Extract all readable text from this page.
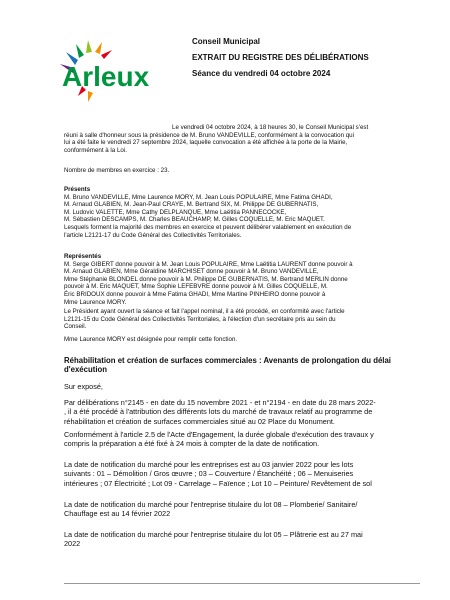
Arleux
Conseil Municipal
EXTRAIT DU REGISTRE DES DÉLIBÉRATIONS
Séance du vendredi 04 octobre 2024
Le vendredi 04 octobre 2024, à 18 heures 30, le Conseil Municipal s'est
réuni à salle d'honneur sous la présidence de M. Bruno VANDEVILLE, conformément à la convocation qui
lui a été faite le vendredi 27 septembre 2024, laquelle convocation a été affichée à la porte de la Mairie,
conformément à la Loi.
Nombre de membres en exercice : 23.
Présents
M. Bruno VANDEVILLE, Mme Laurence MORY, M. Jean Louis POPULAIRE, Mme Fatima GHADI,
M. Arnaud GLABIEN, M. Jean-Paul CRAYE, M. Bertrand SIX, M. Philippe DE GUBERNATIS,
M. Ludovic VALETTE, Mme Cathy DELPLANQUE, Mme Laëtitia PANNECOCKE,
M. Sébastien DESCAMPS, M. Charles BEAUCHAMP, M. Gilles COQUELLE, M. Eric MAQUET.
Lesquels forment la majorité des membres en exercice et peuvent délibérer valablement en exécution de
l'article L2121-17 du Code Général des Collectivités Territoriales.
Représentés
M. Serge GIBERT donne pouvoir à M. Jean Louis POPULAIRE, Mme Laëtitia LAURENT donne pouvoir à
M. Arnaud GLABIEN, Mme Géraldine MARCHISET donne pouvoir à M. Bruno VANDEVILLE,
Mme Stéphanie BLONDEL donne pouvoir à M. Philippe DE GUBERNATIS, M. Bertrand MERLIN donne
pouvoir à M. Eric MAQUET, Mme Sophie LEFEBVRE donne pouvoir à M. Gilles COQUELLE, M.
Éric BRIDOUX donne pouvoir à Mme Fatima GHADI, Mme Martine PINHEIRO donne pouvoir à
Mme Laurence MORY.
Le Président ayant ouvert la séance et fait l'appel nominal, il a été procédé, en conformité avec l'article
L2121-15 du Code Général des Collectivités Territoriales, à l'élection d'un secrétaire pris au sein du
Conseil.
Mme Laurence MORY est désignée pour remplir cette fonction.
Réhabilitation et création de surfaces commerciales : Avenants de prolongation du délai
d'exécution
Sur exposé,
Par délibérations n°2145 - en date du 15 novembre 2021 - et n°2194 - en date du 28 mars 2022-
, il a été procédé à l'attribution des différents lots du marché de travaux relatif au programme de
réhabilitation et création de surfaces commerciales situé au 02 Place du Monument.
Conformément à l'article 2.5 de l'Acte d'Engagement, la durée globale d'exécution des travaux y
compris la préparation a été fixé à 24 mois à compter de la date de notification.
La date de notification du marché pour les entreprises est au 03 janvier 2022 pour les lots
suivants : 01 – Démolition / Gros œuvre ; 03 – Couverture / Étanchéité ; 06 – Menuiseries
intérieures ; 07 Électricité ; Lot 09 - Carrelage – Faïence ; Lot 10 – Peinture/ Revêtement de sol
La date de notification du marché pour l'entreprise titulaire du lot 08 – Plomberie/ Sanitaire/
Chauffage est au 14 février 2022
La date de notification du marché pour l'entreprise titulaire du lot 05 – Plâtrerie est au 27 mai
2022
